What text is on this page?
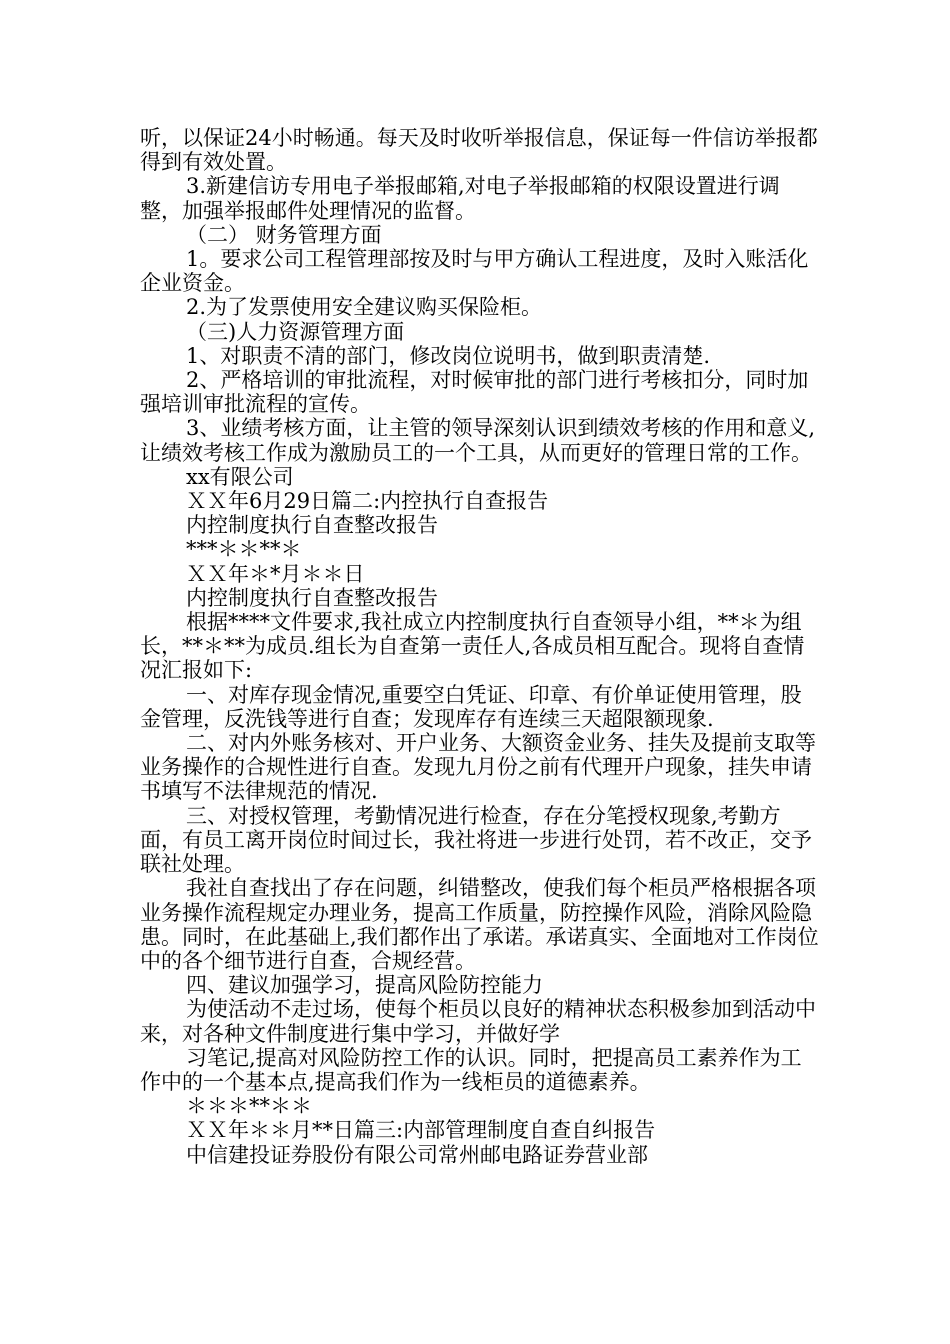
听，以保证24小时畅通。每天及时收听举报信息，保证每一件信访举报都得到有效处置。

3.新建信访专用电子举报邮箱,对电子举报邮箱的权限设置进行调整，加强举报邮件处理情况的监督。

（二） 财务管理方面

1。要求公司工程管理部按及时与甲方确认工程进度，及时入账活化企业资金。

2.为了发票使用安全建议购买保险柜。

（三)人力资源管理方面

1、对职责不清的部门，修改岗位说明书，做到职责清楚.

2、严格培训的审批流程，对时候审批的部门进行考核扣分，同时加强培训审批流程的宣传。

3、业绩考核方面，让主管的领导深刻认识到绩效考核的作用和意义,让绩效考核工作成为激励员工的一个工具，从而更好的管理日常的工作。

xx有限公司

ＸＸ年6月29日篇二:内控执行自查报告

内控制度执行自查整改报告

***＊＊**＊

ＸＸ年＊*月＊＊日

内控制度执行自查整改报告

根据****文件要求,我社成立内控制度执行自查领导小组，**＊为组长，**＊**为成员.组长为自查第一责任人,各成员相互配合。现将自查情况汇报如下:

一、对库存现金情况,重要空白凭证、印章、有价单证使用管理，股金管理，反洗钱等进行自查；发现库存有连续三天超限额现象.

二、对内外账务核对、开户业务、大额资金业务、挂失及提前支取等业务操作的合规性进行自查。发现九月份之前有代理开户现象，挂失申请书填写不法律规范的情况.

三、对授权管理，考勤情况进行检查，存在分笔授权现象,考勤方面，有员工离开岗位时间过长，我社将进一步进行处罚，若不改正，交予联社处理。

我社自查找出了存在问题，纠错整改，使我们每个柜员严格根据各项业务操作流程规定办理业务，提高工作质量，防控操作风险，消除风险隐患。同时，在此基础上,我们都作出了承诺。承诺真实、全面地对工作岗位中的各个细节进行自查，合规经营。

四、建议加强学习，提高风险防控能力

为使活动不走过场，使每个柜员以良好的精神状态积极参加到活动中来，对各种文件制度进行集中学习，并做好学

习笔记,提高对风险防控工作的认识。同时，把提高员工素养作为工作中的一个基本点,提高我们作为一线柜员的道德素养。

＊＊＊**＊＊

ＸＸ年＊＊月**日篇三:内部管理制度自查自纠报告

中信建投证券股份有限公司常州邮电路证券营业部
